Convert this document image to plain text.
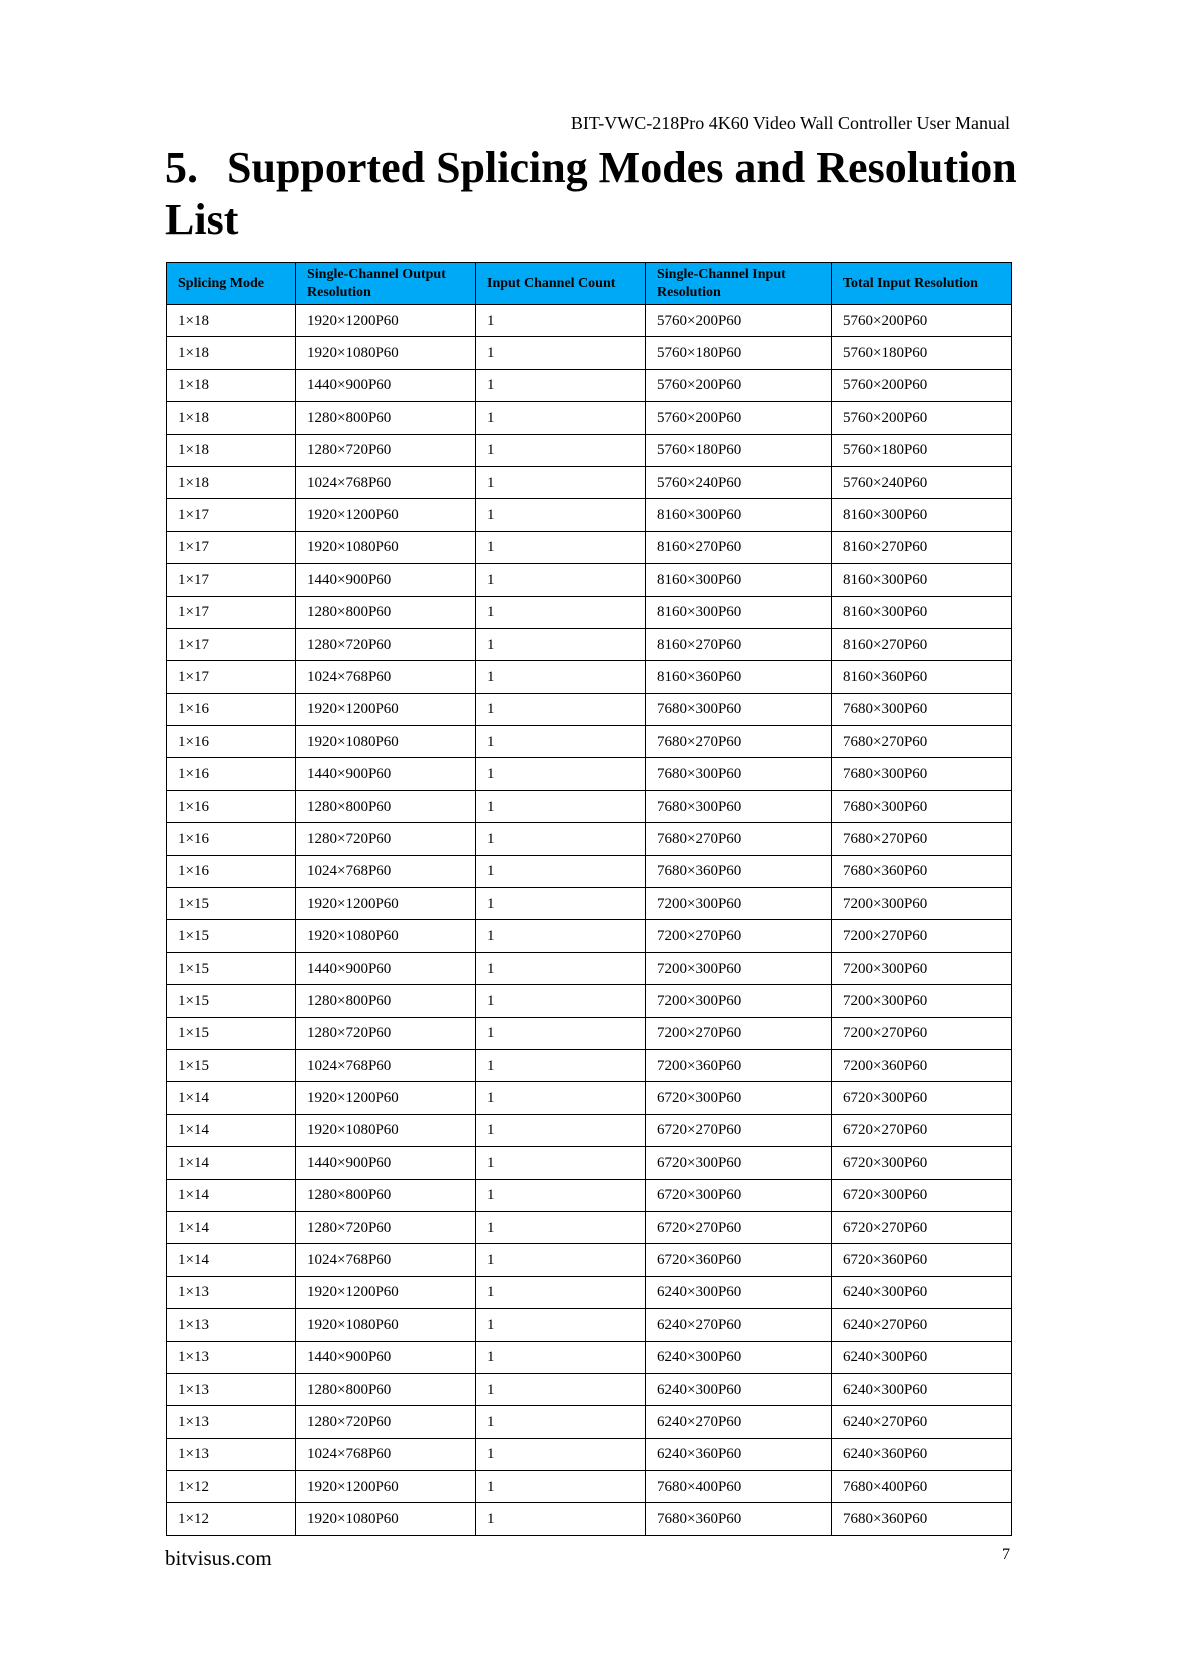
BIT-VWC-218Pro 4K60 Video Wall Controller User Manual
5. Supported Splicing Modes and Resolution List
Splicing Mode	Single-Channel Output Resolution	Input Channel Count	Single-Channel Input Resolution	Total Input Resolution
1×18	1920×1200P60	1	5760×200P60	5760×200P60
1×18	1920×1080P60	1	5760×180P60	5760×180P60
1×18	1440×900P60	1	5760×200P60	5760×200P60
1×18	1280×800P60	1	5760×200P60	5760×200P60
1×18	1280×720P60	1	5760×180P60	5760×180P60
1×18	1024×768P60	1	5760×240P60	5760×240P60
1×17	1920×1200P60	1	8160×300P60	8160×300P60
1×17	1920×1080P60	1	8160×270P60	8160×270P60
1×17	1440×900P60	1	8160×300P60	8160×300P60
1×17	1280×800P60	1	8160×300P60	8160×300P60
1×17	1280×720P60	1	8160×270P60	8160×270P60
1×17	1024×768P60	1	8160×360P60	8160×360P60
1×16	1920×1200P60	1	7680×300P60	7680×300P60
1×16	1920×1080P60	1	7680×270P60	7680×270P60
1×16	1440×900P60	1	7680×300P60	7680×300P60
1×16	1280×800P60	1	7680×300P60	7680×300P60
1×16	1280×720P60	1	7680×270P60	7680×270P60
1×16	1024×768P60	1	7680×360P60	7680×360P60
1×15	1920×1200P60	1	7200×300P60	7200×300P60
1×15	1920×1080P60	1	7200×270P60	7200×270P60
1×15	1440×900P60	1	7200×300P60	7200×300P60
1×15	1280×800P60	1	7200×300P60	7200×300P60
1×15	1280×720P60	1	7200×270P60	7200×270P60
1×15	1024×768P60	1	7200×360P60	7200×360P60
1×14	1920×1200P60	1	6720×300P60	6720×300P60
1×14	1920×1080P60	1	6720×270P60	6720×270P60
1×14	1440×900P60	1	6720×300P60	6720×300P60
1×14	1280×800P60	1	6720×300P60	6720×300P60
1×14	1280×720P60	1	6720×270P60	6720×270P60
1×14	1024×768P60	1	6720×360P60	6720×360P60
1×13	1920×1200P60	1	6240×300P60	6240×300P60
1×13	1920×1080P60	1	6240×270P60	6240×270P60
1×13	1440×900P60	1	6240×300P60	6240×300P60
1×13	1280×800P60	1	6240×300P60	6240×300P60
1×13	1280×720P60	1	6240×270P60	6240×270P60
1×13	1024×768P60	1	6240×360P60	6240×360P60
1×12	1920×1200P60	1	7680×400P60	7680×400P60
1×12	1920×1080P60	1	7680×360P60	7680×360P60
bitvisus.com	7
